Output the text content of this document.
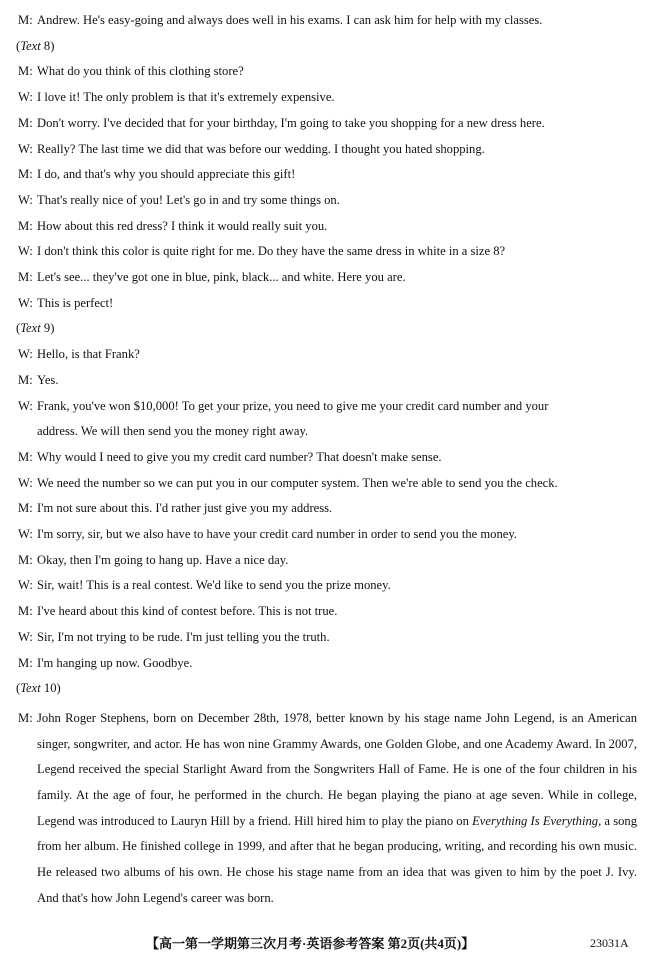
M: Andrew. He's easy-going and always does well in his exams. I can ask him for help with my classes.
(Text 8)
M: What do you think of this clothing store?
W: I love it! The only problem is that it's extremely expensive.
M: Don't worry. I've decided that for your birthday, I'm going to take you shopping for a new dress here.
W: Really? The last time we did that was before our wedding. I thought you hated shopping.
M: I do, and that's why you should appreciate this gift!
W: That's really nice of you! Let's go in and try some things on.
M: How about this red dress? I think it would really suit you.
W: I don't think this color is quite right for me. Do they have the same dress in white in a size 8?
M: Let's see... they've got one in blue, pink, black... and white. Here you are.
W: This is perfect!
(Text 9)
W: Hello, is that Frank?
M: Yes.
W: Frank, you've won $10,000! To get your prize, you need to give me your credit card number and your
address. We will then send you the money right away.
M: Why would I need to give you my credit card number? That doesn't make sense.
W: We need the number so we can put you in our computer system. Then we're able to send you the check.
M: I'm not sure about this. I'd rather just give you my address.
W: I'm sorry, sir, but we also have to have your credit card number in order to send you the money.
M: Okay, then I'm going to hang up. Have a nice day.
W: Sir, wait! This is a real contest. We'd like to send you the prize money.
M: I've heard about this kind of contest before. This is not true.
W: Sir, I'm not trying to be rude. I'm just telling you the truth.
M: I'm hanging up now. Goodbye.
(Text 10)
M: John Roger Stephens, born on December 28th, 1978, better known by his stage name John Legend, is an American singer, songwriter, and actor. He has won nine Grammy Awards, one Golden Globe, and one Academy Award. In 2007, Legend received the special Starlight Award from the Songwriters Hall of Fame. He is one of the four children in his family. At the age of four, he performed in the church. He began playing the piano at age seven. While in college, Legend was introduced to Lauryn Hill by a friend. Hill hired him to play the piano on Everything Is Everything, a song from her album. He finished college in 1999, and after that he began producing, writing, and recording his own music. He released two albums of his own. He chose his stage name from an idea that was given to him by the poet J. Ivy. And that's how John Legend's career was born.
【高一第一学期第三次月考·英语参考答案 第2页(共4页)】	23031A
